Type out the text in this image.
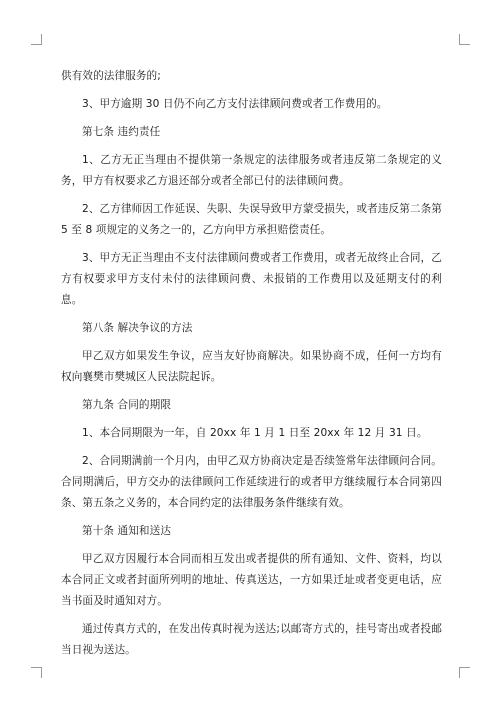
供有效的法律服务的;

3、甲方逾期 30 日仍不向乙方支付法律顾问费或者工作费用的。

第七条 违约责任

1、乙方无正当理由不提供第一条规定的法律服务或者违反第二条规定的义务，甲方有权要求乙方退还部分或者全部已付的法律顾问费。

2、乙方律师因工作延误、失职、失误导致甲方蒙受损失，或者违反第二条第 5 至 8 项规定的义务之一的，乙方向甲方承担赔偿责任。

3、甲方无正当理由不支付法律顾问费或者工作费用，或者无故终止合同，乙方有权要求甲方支付未付的法律顾问费、未报销的工作费用以及延期支付的利息。

第八条 解决争议的方法

甲乙双方如果发生争议，应当友好协商解决。如果协商不成，任何一方均有权向襄樊市樊城区人民法院起诉。

第九条 合同的期限

1、本合同期限为一年，自 20xx 年 1 月 1 日至 20xx 年 12 月 31 日。

2、合同期满前一个月内，由甲乙双方协商决定是否续签常年法律顾问合同。合同期满后，甲方交办的法律顾问工作延续进行的或者甲方继续履行本合同第四条、第五条之义务的，本合同约定的法律服务条件继续有效。

第十条 通知和送达

甲乙双方因履行本合同而相互发出或者提供的所有通知、文件、资料，均以本合同正文或者封面所列明的地址、传真送达，一方如果迁址或者变更电话，应当书面及时通知对方。

通过传真方式的，在发出传真时视为送达;以邮寄方式的，挂号寄出或者投邮当日视为送达。
